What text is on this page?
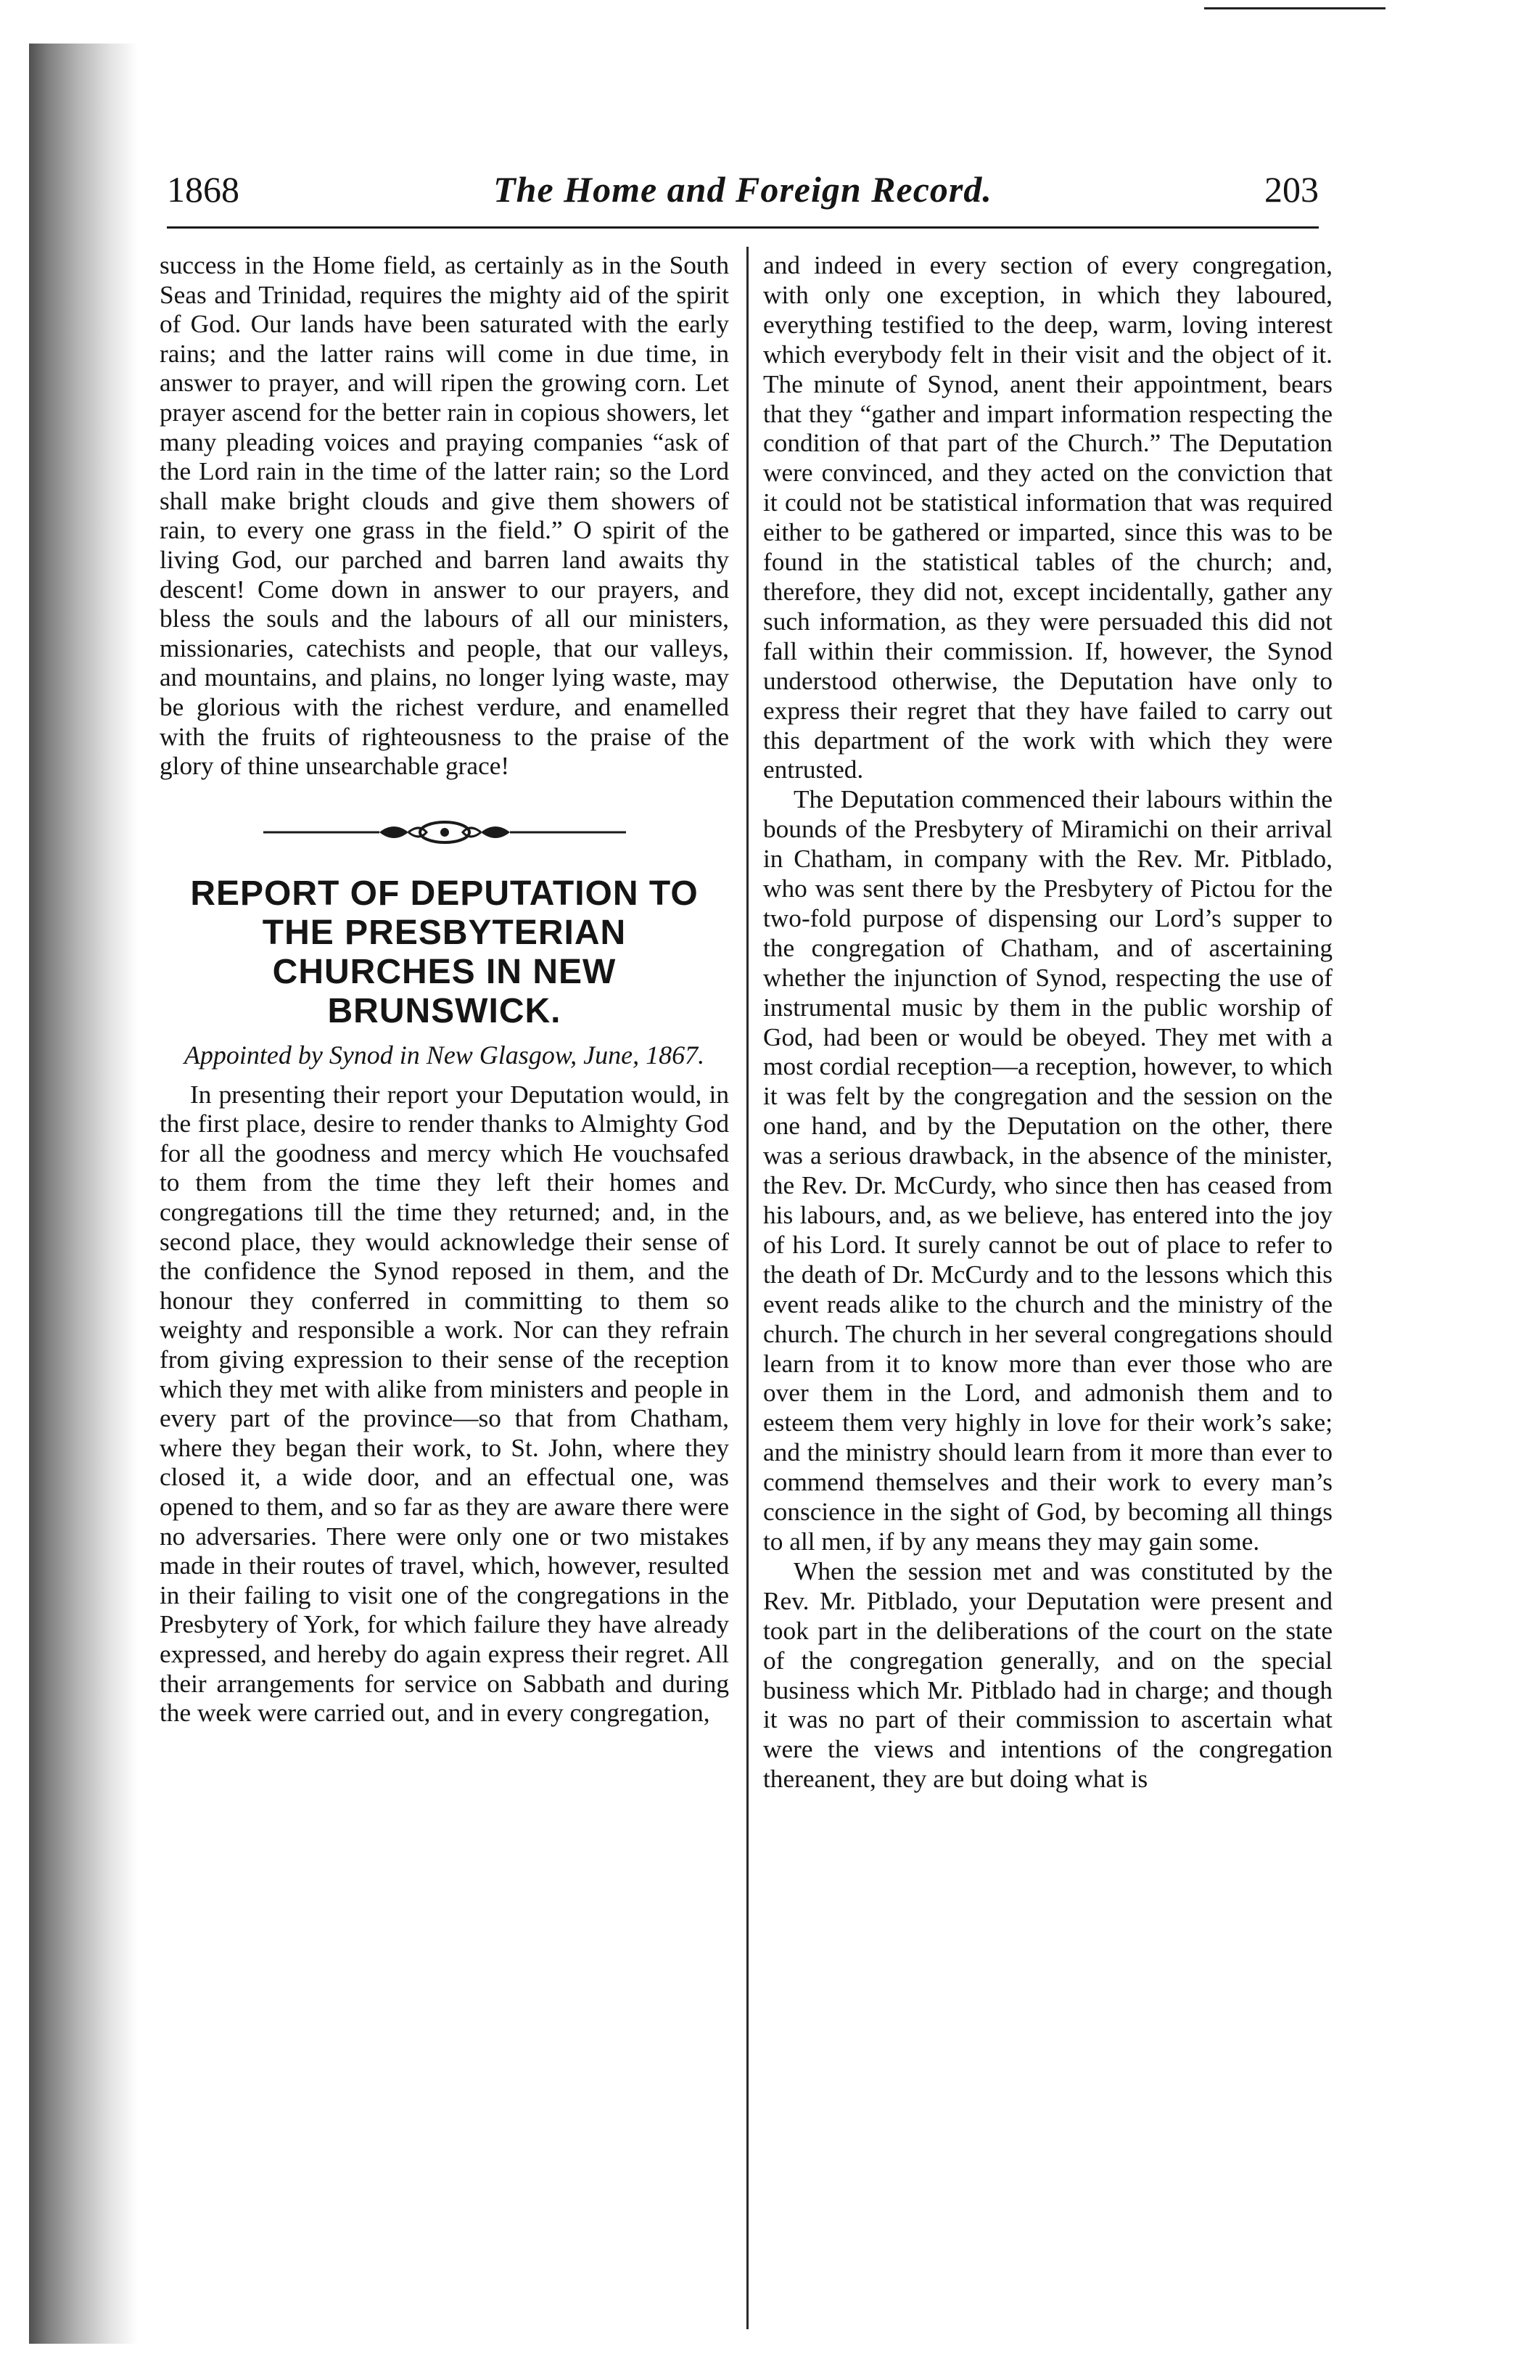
1868	The Home and Foreign Record.	203

success in the Home field, as certainly as in the South Seas and Trinidad, requires the mighty aid of the spirit of God. Our lands have been saturated with the early rains; and the latter rains will come in due time, in answer to prayer, and will ripen the growing corn. Let prayer ascend for the better rain in copious showers, let many pleading voices and praying companies “ask of the Lord rain in the time of the latter rain; so the Lord shall make bright clouds and give them showers of rain, to every one grass in the field.” O spirit of the living God, our parched and barren land awaits thy descent! Come down in answer to our prayers, and bless the souls and the labours of all our ministers, missionaries, catechists and people, that our valleys, and mountains, and plains, no longer lying waste, may be glorious with the richest verdure, and enamelled with the fruits of righteousness to the praise of the glory of thine unsearchable grace!

REPORT OF DEPUTATION TO THE PRESBYTERIAN CHURCHES IN NEW BRUNSWICK.
Appointed by Synod in New Glasgow, June, 1867.

In presenting their report your Deputation would, in the first place, desire to render thanks to Almighty God for all the goodness and mercy which He vouchsafed to them from the time they left their homes and congregations till the time they returned; and, in the second place, they would acknowledge their sense of the confidence the Synod reposed in them, and the honour they conferred in committing to them so weighty and responsible a work. Nor can they refrain from giving expression to their sense of the reception which they met with alike from ministers and people in every part of the province—so that from Chatham, where they began their work, to St. John, where they closed it, a wide door, and an effectual one, was opened to them, and so far as they are aware there were no adversaries. There were only one or two mistakes made in their routes of travel, which, however, resulted in their failing to visit one of the congregations in the Presbytery of York, for which failure they have already expressed, and hereby do again express their regret. All their arrangements for service on Sabbath and during the week were carried out, and in every congregation,

and indeed in every section of every congregation, with only one exception, in which they laboured, everything testified to the deep, warm, loving interest which everybody felt in their visit and the object of it. The minute of Synod, anent their appointment, bears that they “gather and impart information respecting the condition of that part of the Church.” The Deputation were convinced, and they acted on the conviction that it could not be statistical information that was required either to be gathered or imparted, since this was to be found in the statistical tables of the church; and, therefore, they did not, except incidentally, gather any such information, as they were persuaded this did not fall within their commission. If, however, the Synod understood otherwise, the Deputation have only to express their regret that they have failed to carry out this department of the work with which they were entrusted.

The Deputation commenced their labours within the bounds of the Presbytery of Miramichi on their arrival in Chatham, in company with the Rev. Mr. Pitblado, who was sent there by the Presbytery of Pictou for the two-fold purpose of dispensing our Lord’s supper to the congregation of Chatham, and of ascertaining whether the injunction of Synod, respecting the use of instrumental music by them in the public worship of God, had been or would be obeyed. They met with a most cordial reception—a reception, however, to which it was felt by the congregation and the session on the one hand, and by the Deputation on the other, there was a serious drawback, in the absence of the minister, the Rev. Dr. McCurdy, who since then has ceased from his labours, and, as we believe, has entered into the joy of his Lord. It surely cannot be out of place to refer to the death of Dr. McCurdy and to the lessons which this event reads alike to the church and the ministry of the church. The church in her several congregations should learn from it to know more than ever those who are over them in the Lord, and admonish them and to esteem them very highly in love for their work’s sake; and the ministry should learn from it more than ever to commend themselves and their work to every man’s conscience in the sight of God, by becoming all things to all men, if by any means they may gain some.

When the session met and was constituted by the Rev. Mr. Pitblado, your Deputation were present and took part in the deliberations of the court on the state of the congregation generally, and on the special business which Mr. Pitblado had in charge; and though it was no part of their commission to ascertain what were the views and intentions of the congregation thereanent, they are but doing what is
